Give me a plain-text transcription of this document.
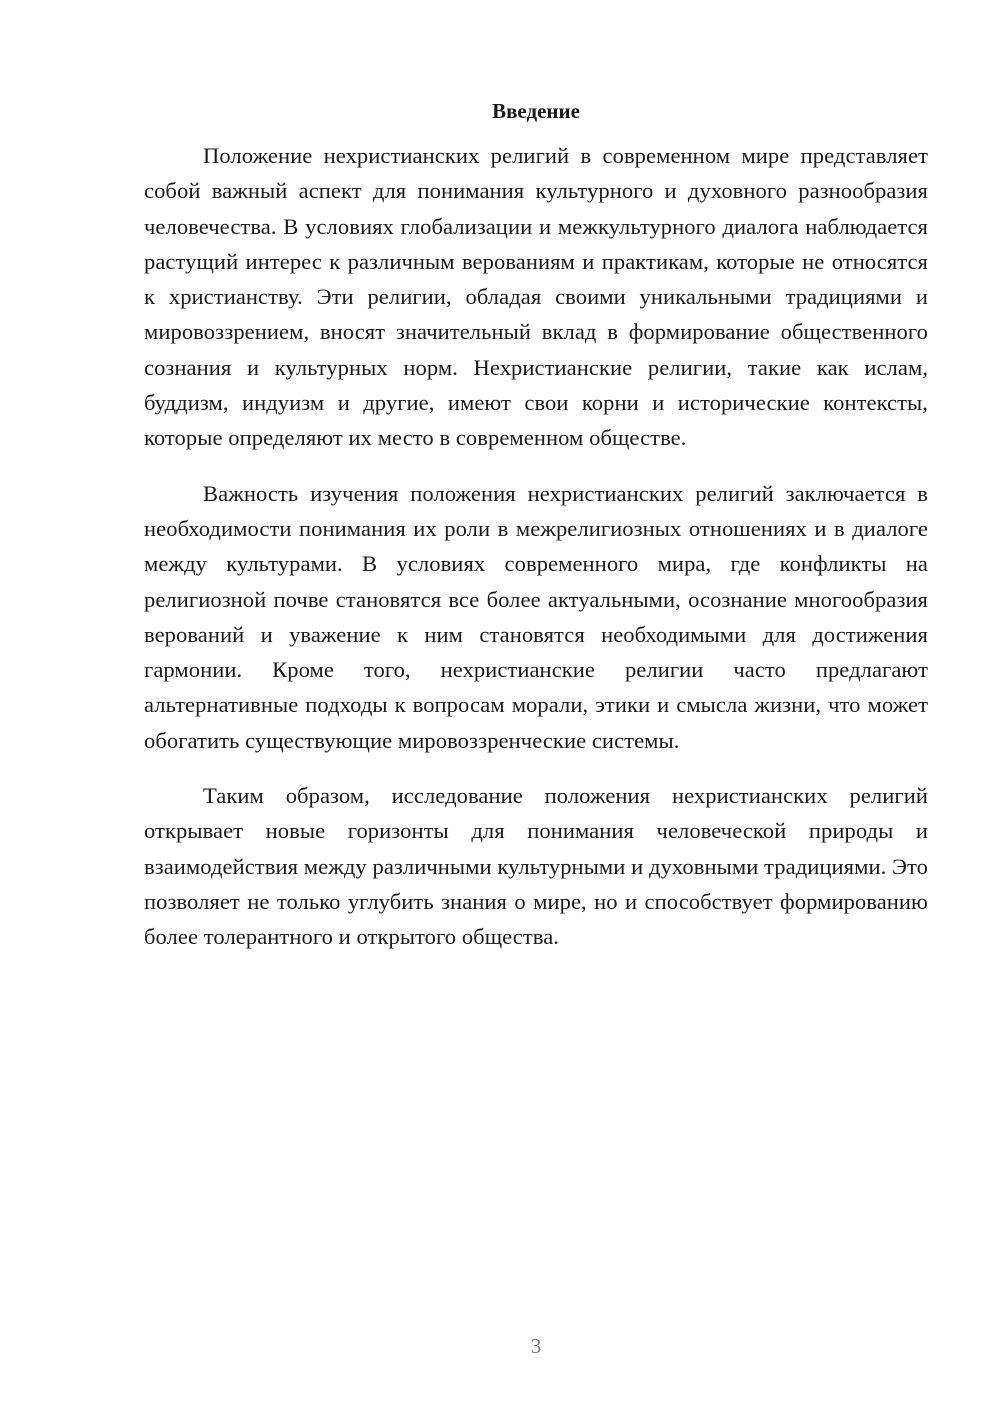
Введение

Положение нехристианских религий в современном мире представляет собой важный аспект для понимания культурного и духовного разнообразия человечества. В условиях глобализации и межкультурного диалога наблюдается растущий интерес к различным верованиям и практикам, которые не относятся к христианству. Эти религии, обладая своими уникальными традициями и мировоззрением, вносят значительный вклад в формирование общественного сознания и культурных норм. Нехристианские религии, такие как ислам, буддизм, индуизм и другие, имеют свои корни и исторические контексты, которые определяют их место в современном обществе.

Важность изучения положения нехристианских религий заключается в необходимости понимания их роли в межрелигиозных отношениях и в диалоге между культурами. В условиях современного мира, где конфликты на религиозной почве становятся все более актуальными, осознание многообразия верований и уважение к ним становятся необходимыми для достижения гармонии. Кроме того, нехристианские религии часто предлагают альтернативные подходы к вопросам морали, этики и смысла жизни, что может обогатить существующие мировоззренческие системы.

Таким образом, исследование положения нехристианских религий открывает новые горизонты для понимания человеческой природы и взаимодействия между различными культурными и духовными традициями. Это позволяет не только углубить знания о мире, но и способствует формированию более толерантного и открытого общества.

3
